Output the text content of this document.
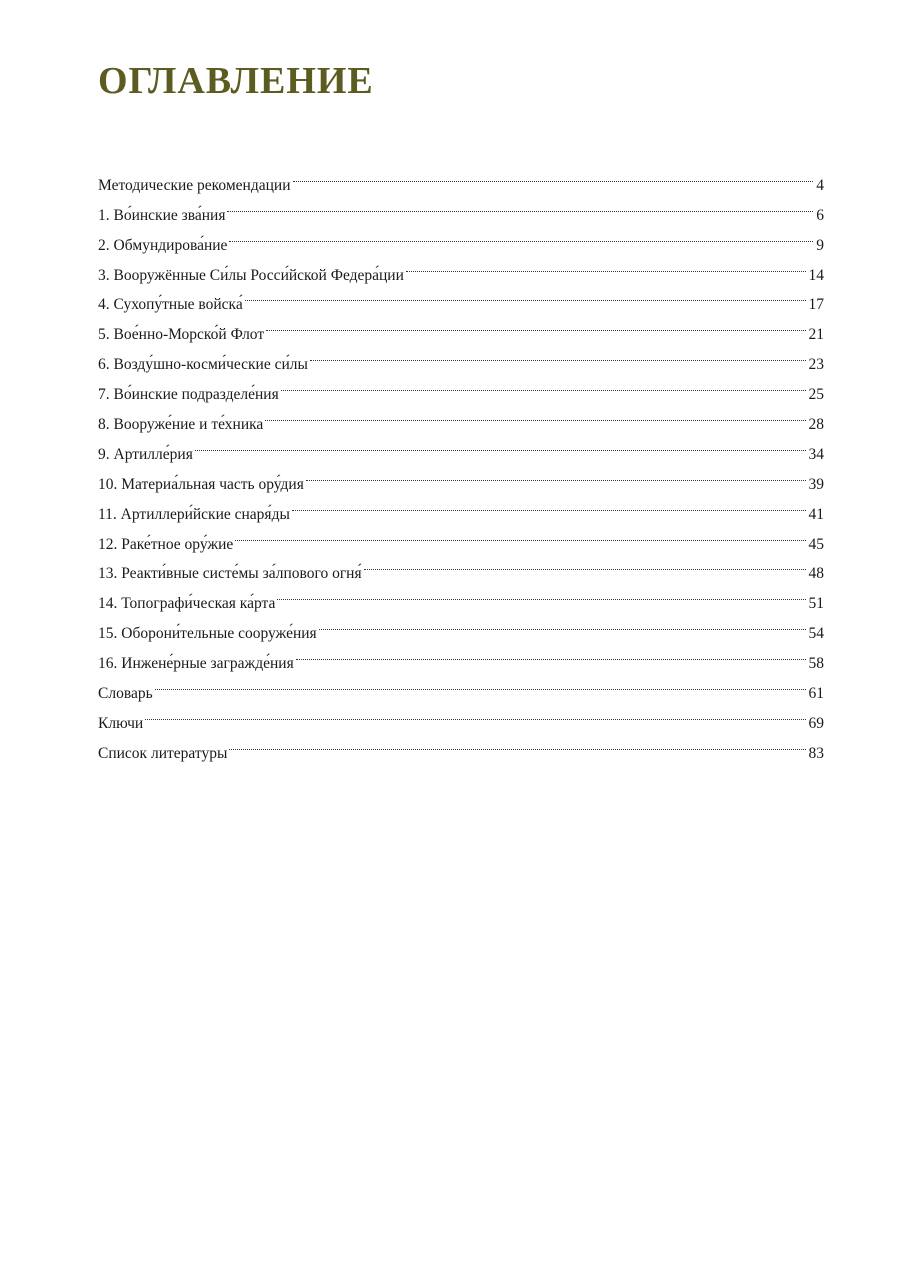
ОГЛАВЛЕНИЕ
Методические рекомендации	4
1. Во́инские зва́ния	6
2. Обмундирова́ние	9
3. Вооружённые Си́лы Росси́йской Федера́ции	14
4. Сухопу́тные войска́	17
5. Вое́нно-Морско́й Флот	21
6. Возду́шно-косми́ческие си́лы	23
7. Во́инские подразделе́ния	25
8. Вооруже́ние и те́хника	28
9. Артилле́рия	34
10. Материа́льная часть ору́дия	39
11. Артиллери́йские снаря́ды	41
12. Раке́тное ору́жие	45
13. Реакти́вные систе́мы за́лпового огня́	48
14. Топографи́ческая ка́рта	51
15. Оборони́тельные сооруже́ния	54
16. Инжене́рные загражде́ния	58
Словарь	61
Ключи	69
Список литературы	83
